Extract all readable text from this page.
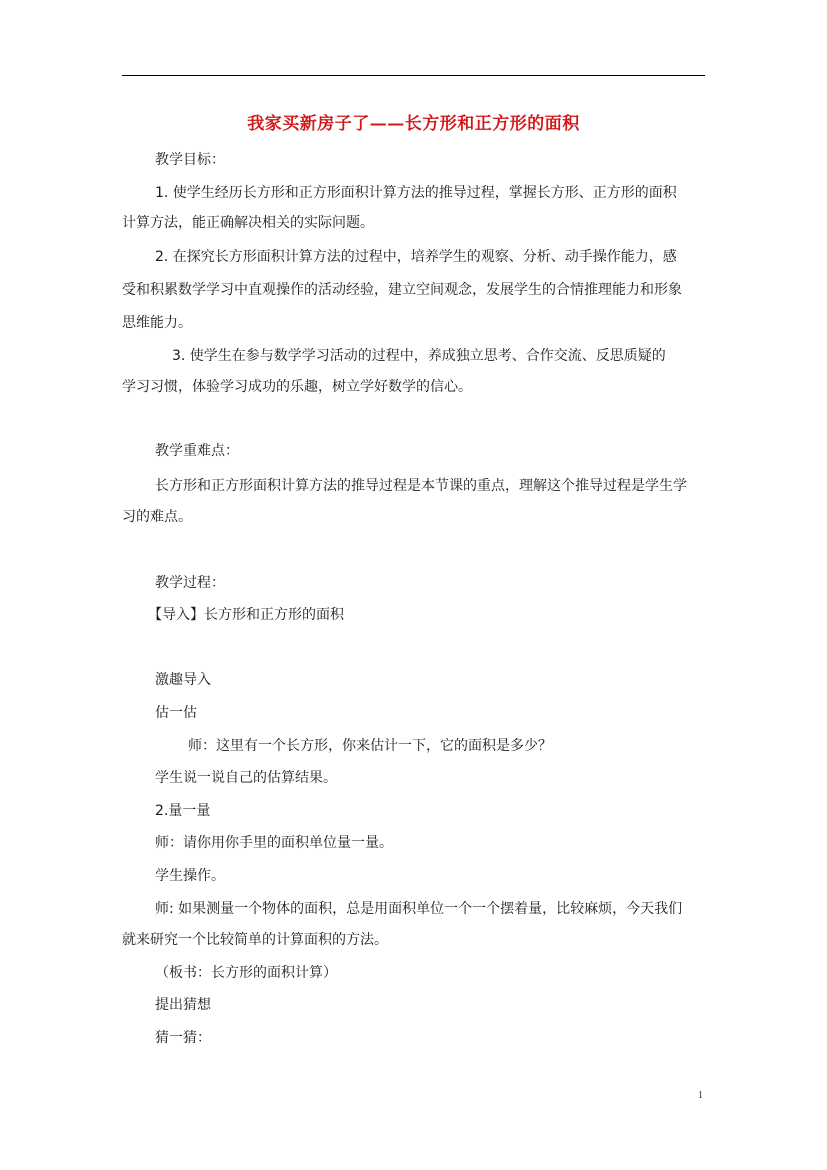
我家买新房子了——长方形和正方形的面积
教学目标：
1. 使学生经历长方形和正方形面积计算方法的推导过程，掌握长方形、正方形的面积
计算方法，能正确解决相关的实际问题。
2. 在探究长方形面积计算方法的过程中，培养学生的观察、分析、动手操作能力，感
受和积累数学学习中直观操作的活动经验，建立空间观念，发展学生的合情推理能力和形象
思维能力。
3. 使学生在参与数学学习活动的过程中，养成独立思考、合作交流、反思质疑的
学习习惯，体验学习成功的乐趣，树立学好数学的信心。
教学重难点：
长方形和正方形面积计算方法的推导过程是本节课的重点，理解这个推导过程是学生学
习的难点。
教学过程：
【导入】长方形和正方形的面积
激趣导入
估一估
师：这里有一个长方形，你来估计一下，它的面积是多少？
学生说一说自己的估算结果。
2.量一量
师：请你用你手里的面积单位量一量。
学生操作。
师: 如果测量一个物体的面积，总是用面积单位一个一个摆着量，比较麻烦，今天我们
就来研究一个比较简单的计算面积的方法。
（板书：长方形的面积计算）
提出猜想
猜一猜：
1
